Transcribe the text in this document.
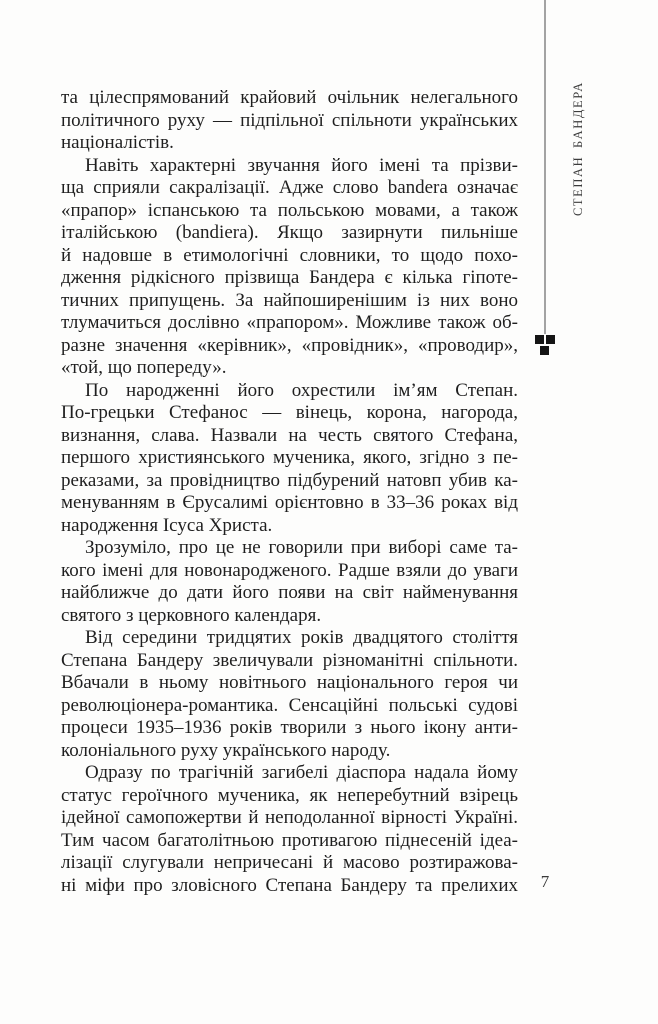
та цілеспрямований крайовий очільник нелегального
політичного руху — підпільної спільноти українських
націоналістів.
Навіть характерні звучання його імені та прізви-
ща сприяли сакралізації. Адже слово bandera означає
«прапор» іспанською та польською мовами, а також
італійською (bandiera). Якщо зазирнути пильніше
й надовше в етимологічні словники, то щодо похо-
дження рідкісного прізвища Бандера є кілька гіпоте-
тичних припущень. За найпоширенішим із них воно
тлумачиться дослівно «прапором». Можливе також об-
разне значення «керівник», «провідник», «проводир»,
«той, що попереду».
По народженні його охрестили ім’ям Степан.
По-грецьки Стефанос — вінець, корона, нагорода,
визнання, слава. Назвали на честь святого Стефана,
першого християнського мученика, якого, згідно з пе-
реказами, за провідництво підбурений натовп убив ка-
менуванням в Єрусалимі орієнтовно в 33–36 роках від
народження Ісуса Христа.
Зрозуміло, про це не говорили при виборі саме та-
кого імені для новонародженого. Радше взяли до уваги
найближче до дати його появи на світ найменування
святого з церковного календаря.
Від середини тридцятих років двадцятого століття
Степана Бандеру звеличували різноманітні спільноти.
Вбачали в ньому новітнього національного героя чи
революціонера-романтика. Сенсаційні польські судові
процеси 1935–1936 років творили з нього ікону анти-
колоніального руху українського народу.
Одразу по трагічній загибелі діаспора надала йому
статус героїчного мученика, як неперебутний взірець
ідейної самопожертви й неподоланної вірності Україні.
Тим часом багатолітньою противагою піднесеній ідеа-
лізації слугували непричесані й масово розтиражова-
ні міфи про зловісного Степана Бандеру та прелихих
СТЕПАН БАНДЕРА
7
